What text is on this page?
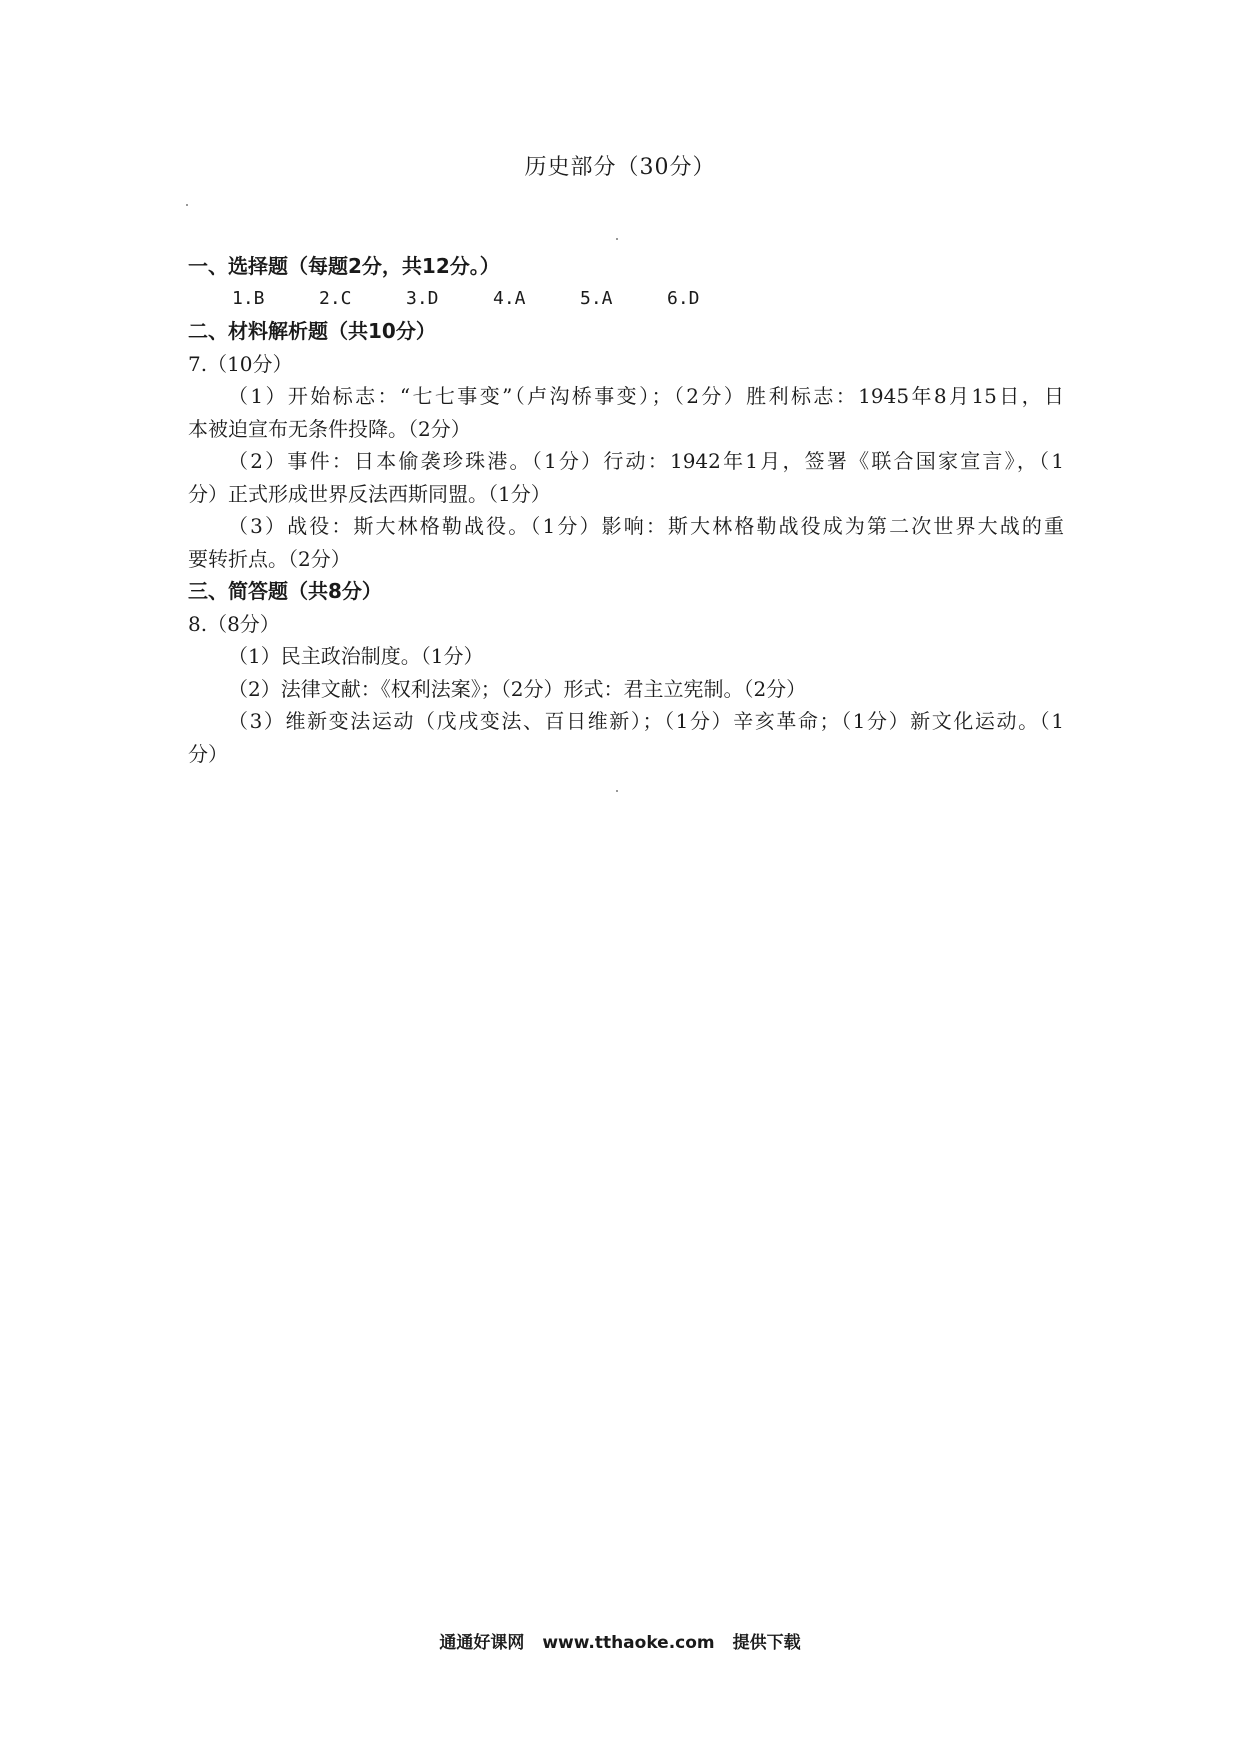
历史部分（30分）
一、选择题（每题2分，共12分。）
1.B	2.C	3.D	4.A	5.A	6.D
二、材料解析题（共10分）
7.（10分）
（1）开始标志：“七七事变”（卢沟桥事变）；（2分）胜利标志：1945年8月15日，日
本被迫宣布无条件投降。（2分）
（2）事件：日本偷袭珍珠港。（1分）行动：1942年1月，签署《联合国家宣言》，（1
分）正式形成世界反法西斯同盟。（1分）
（3）战役：斯大林格勒战役。（1分）影响：斯大林格勒战役成为第二次世界大战的重
要转折点。（2分）
三、简答题（共8分）
8.（8分）
（1）民主政治制度。（1分）
（2）法律文献：《权利法案》；（2分）形式：君主立宪制。（2分）
（3）维新变法运动（戊戌变法、百日维新）；（1分）辛亥革命；（1分）新文化运动。（1
分）
通通好课网 www.tthaoke.com 提供下载
